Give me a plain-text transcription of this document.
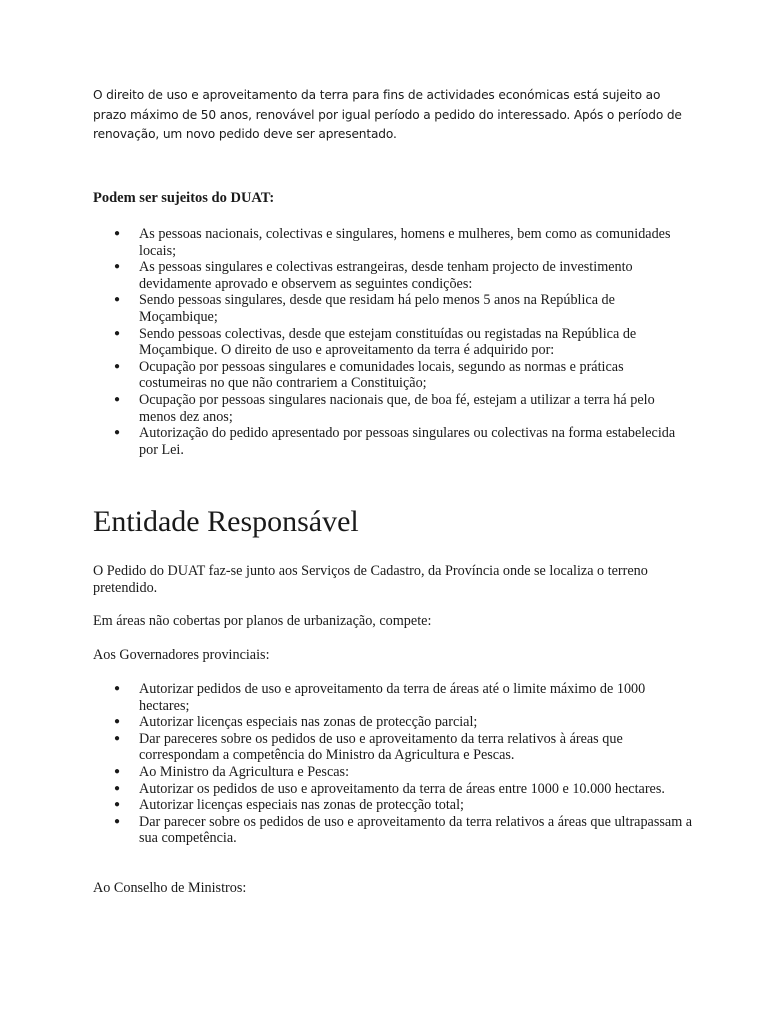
O direito de uso e aproveitamento da terra para fins de actividades económicas está sujeito ao prazo máximo de 50 anos, renovável por igual período a pedido do interessado. Após o período de renovação, um novo pedido deve ser apresentado.

Podem ser sujeitos do DUAT:

● As pessoas nacionais, colectivas e singulares, homens e mulheres, bem como as comunidades locais;
● As pessoas singulares e colectivas estrangeiras, desde tenham projecto de investimento devidamente aprovado e observem as seguintes condições:
● Sendo pessoas singulares, desde que residam há pelo menos 5 anos na República de Moçambique;
● Sendo pessoas colectivas, desde que estejam constituídas ou registadas na República de Moçambique. O direito de uso e aproveitamento da terra é adquirido por:
● Ocupação por pessoas singulares e comunidades locais, segundo as normas e práticas costumeiras no que não contrariem a Constituição;
● Ocupação por pessoas singulares nacionais que, de boa fé, estejam a utilizar a terra há pelo menos dez anos;
● Autorização do pedido apresentado por pessoas singulares ou colectivas na forma estabelecida por Lei.
Entidade Responsável

O Pedido do DUAT faz-se junto aos Serviços de Cadastro, da Província onde se localiza o terreno pretendido.

Em áreas não cobertas por planos de urbanização, compete:

Aos Governadores provinciais:

● Autorizar pedidos de uso e aproveitamento da terra de áreas até o limite máximo de 1000 hectares;
● Autorizar licenças especiais nas zonas de protecção parcial;
● Dar pareceres sobre os pedidos de uso e aproveitamento da terra relativos à áreas que correspondam a competência do Ministro da Agricultura e Pescas.
● Ao Ministro da Agricultura e Pescas:
● Autorizar os pedidos de uso e aproveitamento da terra de áreas entre 1000 e 10.000 hectares.
● Autorizar licenças especiais nas zonas de protecção total;
● Dar parecer sobre os pedidos de uso e aproveitamento da terra relativos a áreas que ultrapassam a sua competência.

Ao Conselho de Ministros:
